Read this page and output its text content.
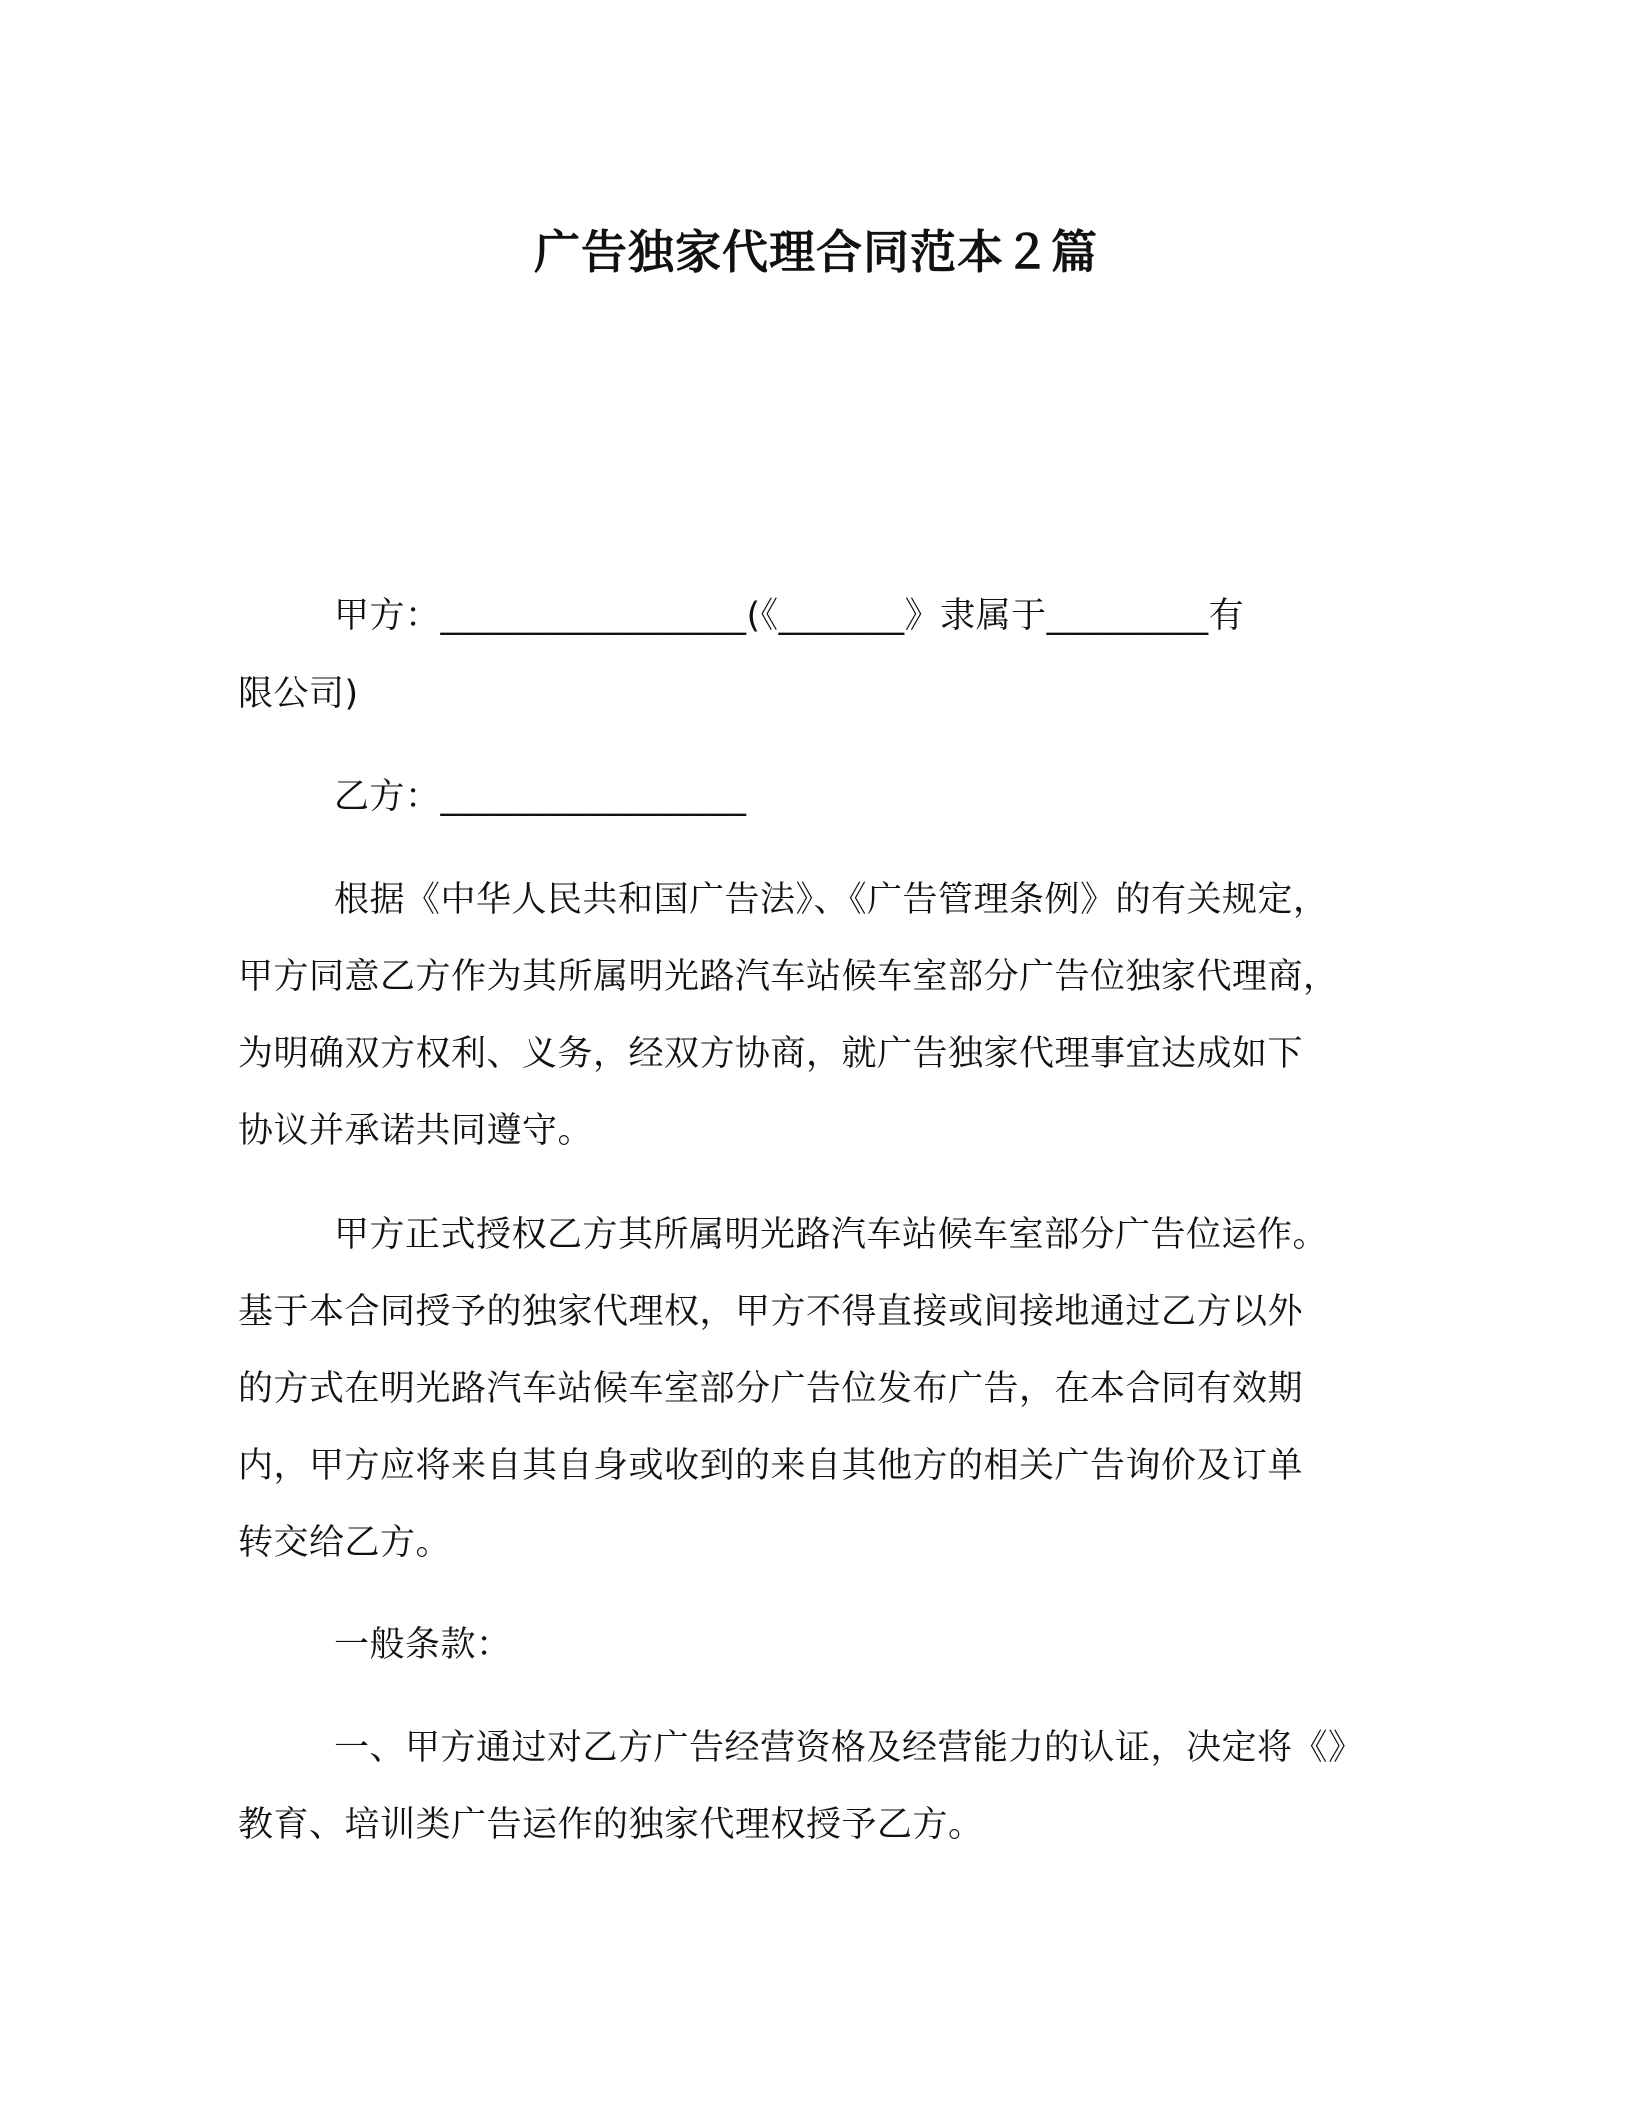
广告独家代理合同范本２篇
甲方：_________________(《_______》隶属于_________有
限公司)
乙方：_________________
根据《中华人民共和国广告法》、《广告管理条例》的有关规定，
甲方同意乙方作为其所属明光路汽车站候车室部分广告位独家代理商，
为明确双方权利、义务，经双方协商，就广告独家代理事宜达成如下
协议并承诺共同遵守。
甲方正式授权乙方其所属明光路汽车站候车室部分广告位运作。
基于本合同授予的独家代理权，甲方不得直接或间接地通过乙方以外
的方式在明光路汽车站候车室部分广告位发布广告，在本合同有效期
内，甲方应将来自其自身或收到的来自其他方的相关广告询价及订单
转交给乙方。
一般条款：
一、甲方通过对乙方广告经营资格及经营能力的认证，决定将《》
教育、培训类广告运作的独家代理权授予乙方。
